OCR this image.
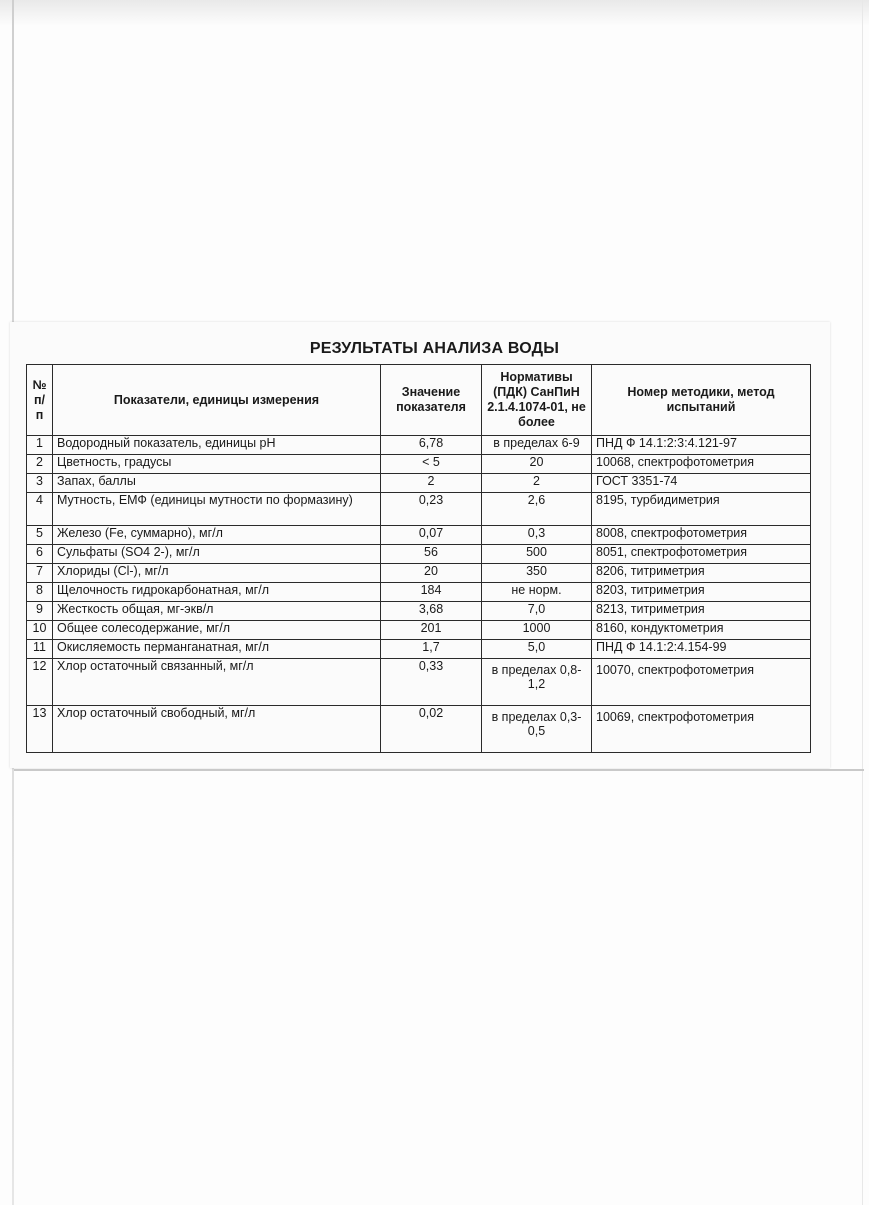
РЕЗУЛЬТАТЫ АНАЛИЗА ВОДЫ
№ п/п	Показатели, единицы измерения	Значение показателя	Нормативы (ПДК) СанПиН 2.1.4.1074-01, не более	Номер методики, метод испытаний
1	Водородный показатель, единицы pH	6,78	в пределах 6-9	ПНД Ф 14.1:2:3:4.121-97
2	Цветность, градусы	< 5	20	10068, спектрофотометрия
3	Запах, баллы	2	2	ГОСТ 3351-74
4	Мутность, ЕМФ (единицы мутности по формазину)	0,23	2,6	8195, турбидиметрия
5	Железо (Fe, суммарно), мг/л	0,07	0,3	8008, спектрофотометрия
6	Сульфаты (SO4 2-), мг/л	56	500	8051, спектрофотометрия
7	Хлориды (Cl-), мг/л	20	350	8206, титриметрия
8	Щелочность гидрокарбонатная, мг/л	184	не норм.	8203, титриметрия
9	Жесткость общая, мг-экв/л	3,68	7,0	8213, титриметрия
10	Общее солесодержание, мг/л	201	1000	8160, кондуктометрия
11	Окисляемость перманганатная, мг/л	1,7	5,0	ПНД Ф 14.1:2:4.154-99
12	Хлор остаточный связанный, мг/л	0,33	в пределах 0,8-1,2	10070, спектрофотометрия
13	Хлор остаточный свободный, мг/л	0,02	в пределах 0,3-0,5	10069, спектрофотометрия
